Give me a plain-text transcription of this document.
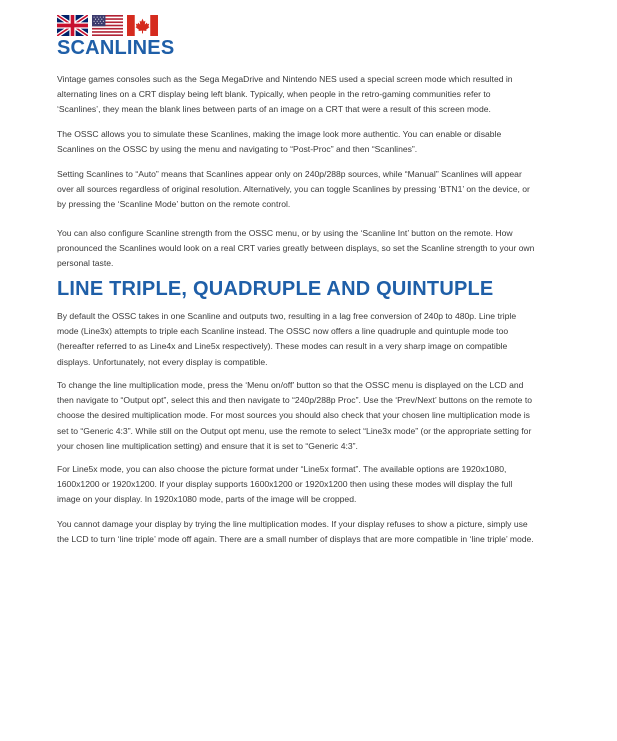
SCANLINES

Vintage games consoles such as the Sega MegaDrive and Nintendo NES used a special screen mode which resulted in alternating lines on a CRT display being left blank. Typically, when people in the retro-gaming communities refer to ‘Scanlines’, they mean the blank lines between parts of an image on a CRT that were a result of this screen mode.

The OSSC allows you to simulate these Scanlines, making the image look more authentic. You can enable or disable Scanlines on the OSSC by using the menu and navigating to “Post-Proc” and then “Scanlines”.

Setting Scanlines to “Auto” means that Scanlines appear only on 240p/288p sources, while “Manual” Scanlines will appear over all sources regardless of original resolution. Alternatively, you can toggle Scanlines by pressing ‘BTN1’ on the device, or by pressing the ‘Scanline Mode’ button on the remote control.

You can also configure Scanline strength from the OSSC menu, or by using the ‘Scanline Int’ button on the remote. How pronounced the Scanlines would look on a real CRT varies greatly between displays, so set the Scanline strength to your own personal taste.

LINE TRIPLE, QUADRUPLE AND QUINTUPLE

By default the OSSC takes in one Scanline and outputs two, resulting in a lag free conversion of 240p to 480p. Line triple mode (Line3x) attempts to triple each Scanline instead. The OSSC now offers a line quadruple and quintuple mode too (hereafter referred to as Line4x and Line5x respectively). These modes can result in a very sharp image on compatible displays. Unfortunately, not every display is compatible.

To change the line multiplication mode, press the ‘Menu on/off’ button so that the OSSC menu is displayed on the LCD and then navigate to “Output opt”, select this and then navigate to “240p/288p Proc”. Use the ‘Prev/Next’ buttons on the remote to choose the desired multiplication mode. For most sources you should also check that your chosen line multiplication mode is set to “Generic 4:3”. While still on the Output opt menu, use the remote to select “Line3x mode” (or the appropriate setting for your chosen line multiplication setting) and ensure that it is set to “Generic 4:3”.

For Line5x mode, you can also choose the picture format under “Line5x format”. The available options are 1920x1080, 1600x1200 or 1920x1200. If your display supports 1600x1200 or 1920x1200 then using these modes will display the full image on your display. In 1920x1080 mode, parts of the image will be cropped.

You cannot damage your display by trying the line multiplication modes. If your display refuses to show a picture, simply use the LCD to turn ‘line triple’ mode off again. There are a small number of displays that are more compatible in ‘line triple’ mode.
